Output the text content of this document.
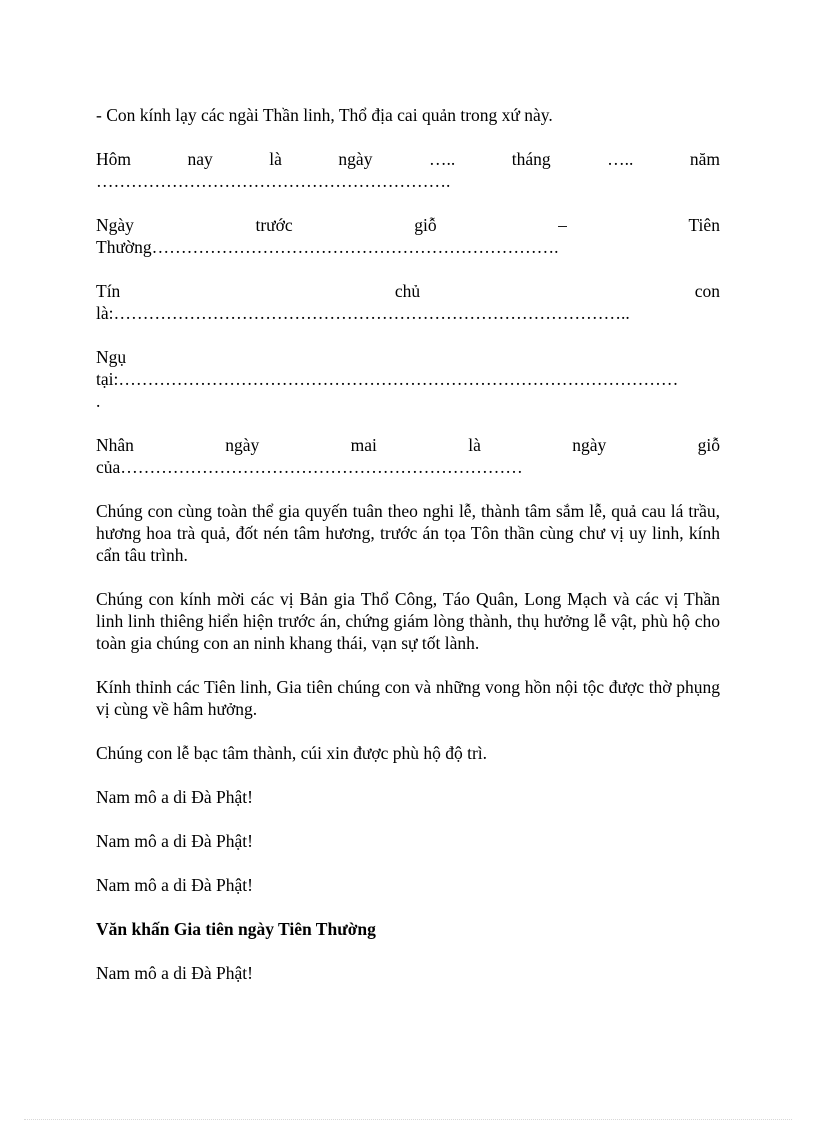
- Con kính lạy các ngài Thần linh, Thổ địa cai quản trong xứ này.

Hôm	nay	là	ngày	…..	tháng	…..	năm
…………………………………………………….
Ngày	trước	giỗ	–	Tiên
Thường…………………………………………………………….
Tín	chủ	con
là:……………………………………………………………………………..
Ngụ
tại:……………………………………………………………………………………
.
Nhân	ngày	mai	là	ngày	giỗ
của……………………………………………………………

Chúng con cùng toàn thể gia quyến tuân theo nghi lễ, thành tâm sắm lễ, quả cau lá trầu, hương hoa trà quả, đốt nén tâm hương, trước án tọa Tôn thần cùng chư vị uy linh, kính cẩn tâu trình.

Chúng con kính mời các vị Bản gia Thổ Công, Táo Quân, Long Mạch và các vị Thần linh linh thiêng hiển hiện trước án, chứng giám lòng thành, thụ hưởng lễ vật, phù hộ cho toàn gia chúng con an ninh khang thái, vạn sự tốt lành.

Kính thỉnh các Tiên linh, Gia tiên chúng con và những vong hồn nội tộc được thờ phụng vị cùng về hâm hưởng.

Chúng con lễ bạc tâm thành, cúi xin được phù hộ độ trì.

Nam mô a di Đà Phật!

Nam mô a di Đà Phật!

Nam mô a di Đà Phật!

Văn khấn Gia tiên ngày Tiên Thường

Nam mô a di Đà Phật!
